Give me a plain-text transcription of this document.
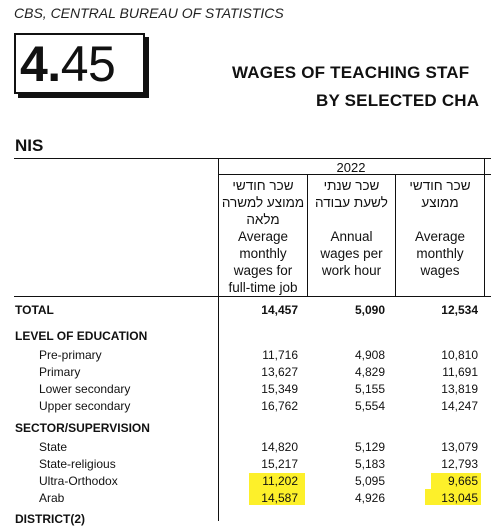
CBS, CENTRAL BUREAU OF STATISTICS
4.45	WAGES OF TEACHING STAF
BY SELECTED CHA
NIS
2022
שכר חודשי
ממוצע למשרה
מלאה
Average
monthly
wages for
full-time job
שכר שנתי
לשעת עבודה

Annual
wages per
work hour
שכר חודשי
ממוצע

Average
monthly
wages
TOTAL	14,457	5,090	12,534
LEVEL OF EDUCATION
Pre-primary	11,716	4,908	10,810
Primary	13,627	4,829	11,691
Lower secondary	15,349	5,155	13,819
Upper secondary	16,762	5,554	14,247
SECTOR/SUPERVISION
State	14,820	5,129	13,079
State-religious	15,217	5,183	12,793
Ultra-Orthodox	11,202	5,095	9,665
Arab	14,587	4,926	13,045
DISTRICT(2)
